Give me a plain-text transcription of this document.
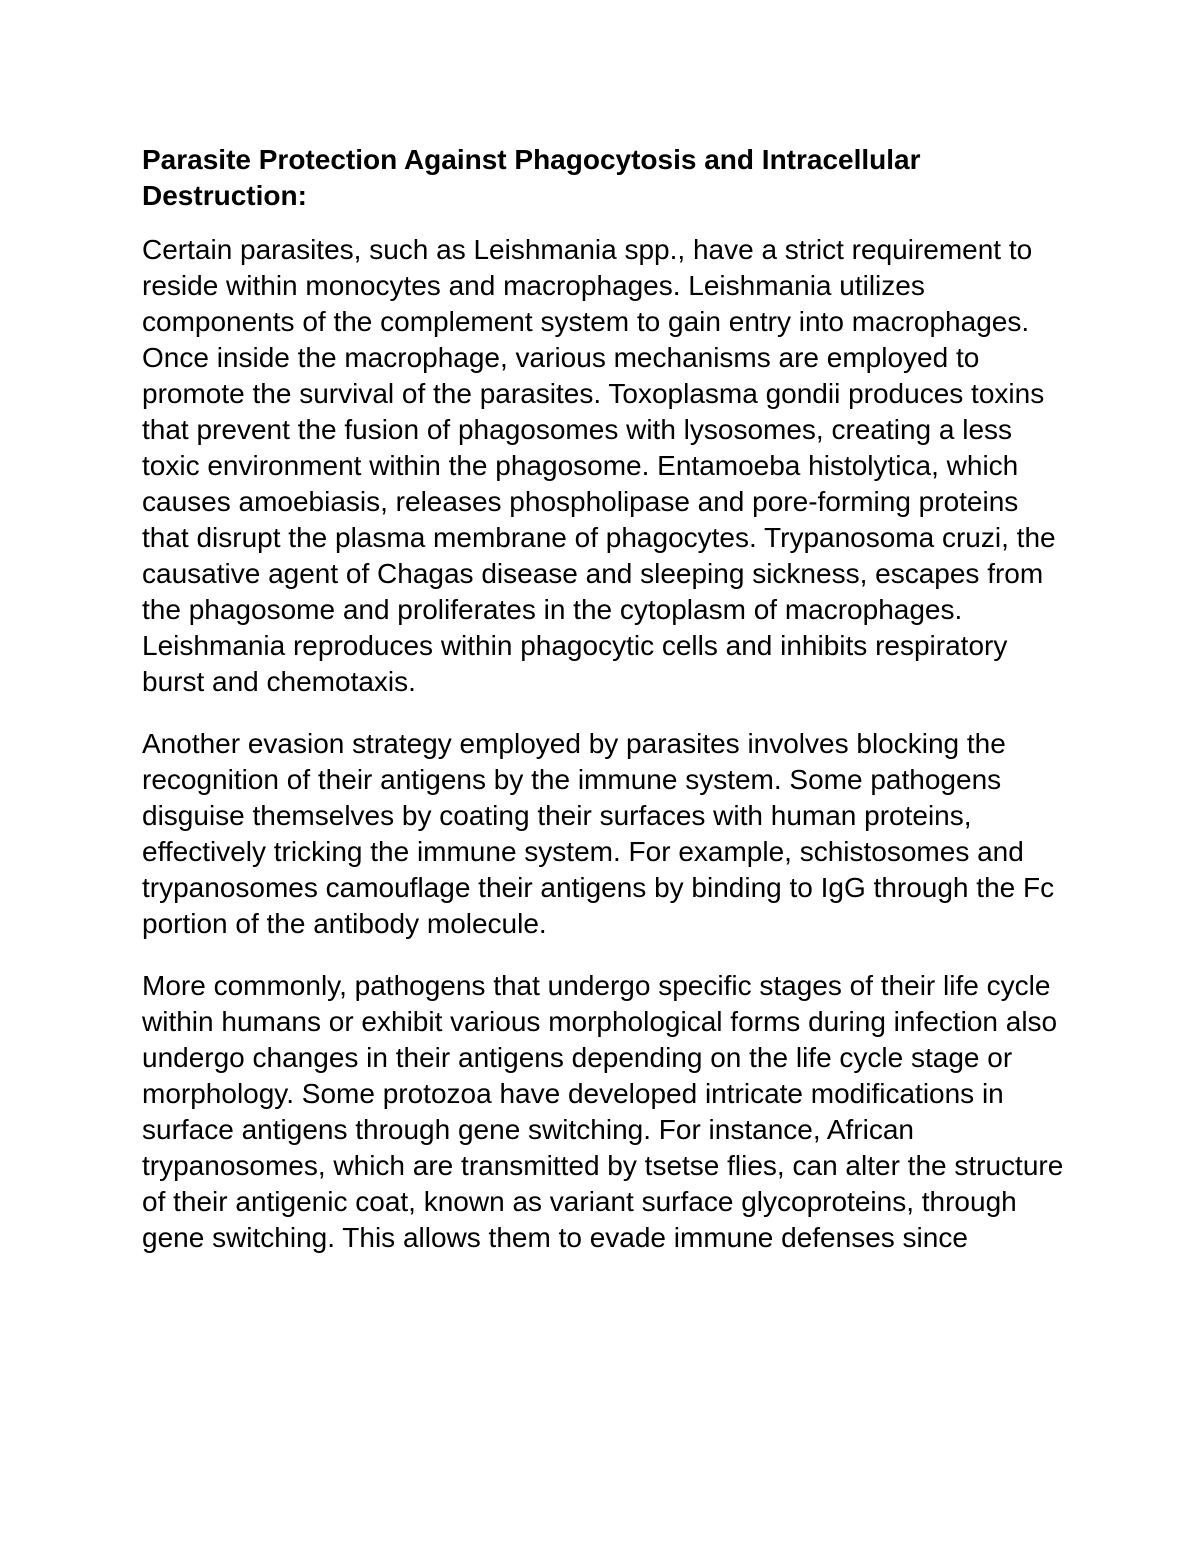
Parasite Protection Against Phagocytosis and Intracellular Destruction:

Certain parasites, such as Leishmania spp., have a strict requirement to reside within monocytes and macrophages. Leishmania utilizes components of the complement system to gain entry into macrophages. Once inside the macrophage, various mechanisms are employed to promote the survival of the parasites. Toxoplasma gondii produces toxins that prevent the fusion of phagosomes with lysosomes, creating a less toxic environment within the phagosome. Entamoeba histolytica, which causes amoebiasis, releases phospholipase and pore-forming proteins that disrupt the plasma membrane of phagocytes. Trypanosoma cruzi, the causative agent of Chagas disease and sleeping sickness, escapes from the phagosome and proliferates in the cytoplasm of macrophages. Leishmania reproduces within phagocytic cells and inhibits respiratory burst and chemotaxis.

Another evasion strategy employed by parasites involves blocking the recognition of their antigens by the immune system. Some pathogens disguise themselves by coating their surfaces with human proteins, effectively tricking the immune system. For example, schistosomes and trypanosomes camouflage their antigens by binding to IgG through the Fc portion of the antibody molecule.

More commonly, pathogens that undergo specific stages of their life cycle within humans or exhibit various morphological forms during infection also undergo changes in their antigens depending on the life cycle stage or morphology. Some protozoa have developed intricate modifications in surface antigens through gene switching. For instance, African trypanosomes, which are transmitted by tsetse flies, can alter the structure of their antigenic coat, known as variant surface glycoproteins, through gene switching. This allows them to evade immune defenses since
